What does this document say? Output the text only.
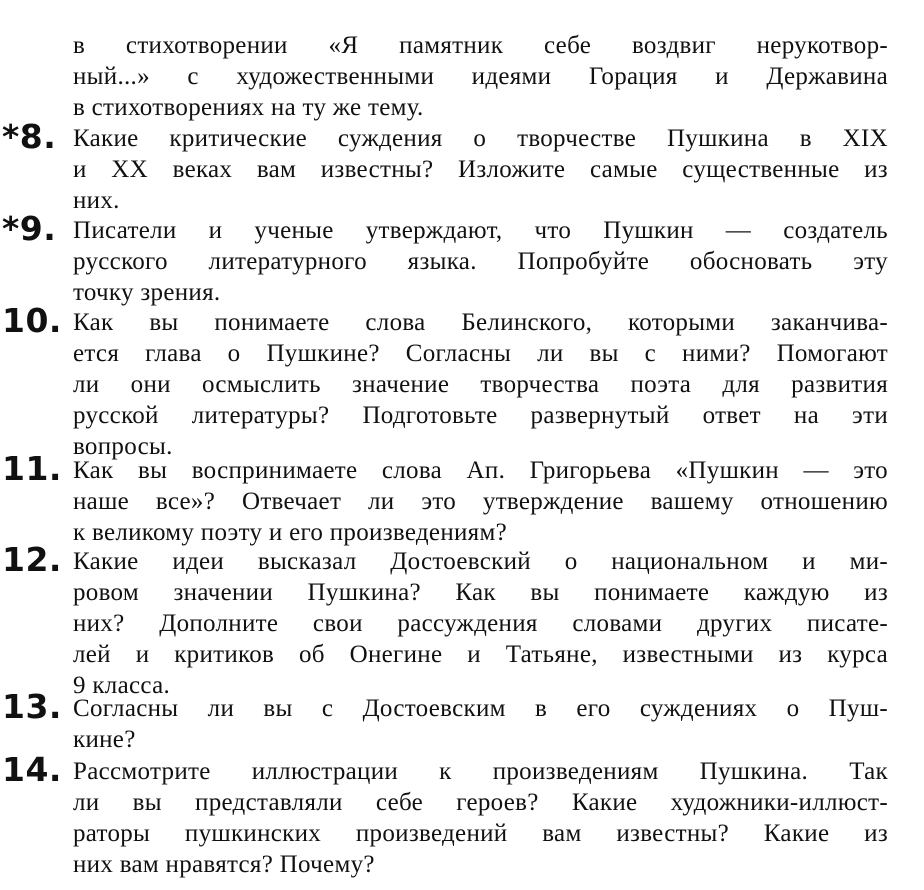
в стихотворении «Я памятник себе воздвиг нерукотвор-
ный...» с художественными идеями Горация и Державина
в стихотворениях на ту же тему.
*8. Какие критические суждения о творчестве Пушкина в XIX
и XX веках вам известны? Изложите самые существенные из
них.
*9. Писатели и ученые утверждают, что Пушкин — создатель
русского литературного языка. Попробуйте обосновать эту
точку зрения.
10. Как вы понимаете слова Белинского, которыми заканчива-
ется глава о Пушкине? Согласны ли вы с ними? Помогают
ли они осмыслить значение творчества поэта для развития
русской литературы? Подготовьте развернутый ответ на эти
вопросы.
11. Как вы воспринимаете слова Ап. Григорьева «Пушкин — это
наше все»? Отвечает ли это утверждение вашему отношению
к великому поэту и его произведениям?
12. Какие идеи высказал Достоевский о национальном и ми-
ровом значении Пушкина? Как вы понимаете каждую из
них? Дополните свои рассуждения словами других писате-
лей и критиков об Онегине и Татьяне, известными из курса
9 класса.
13. Согласны ли вы с Достоевским в его суждениях о Пуш-
кине?
14. Рассмотрите иллюстрации к произведениям Пушкина. Так
ли вы представляли себе героев? Какие художники-иллюст-
раторы пушкинских произведений вам известны? Какие из
них вам нравятся? Почему?
